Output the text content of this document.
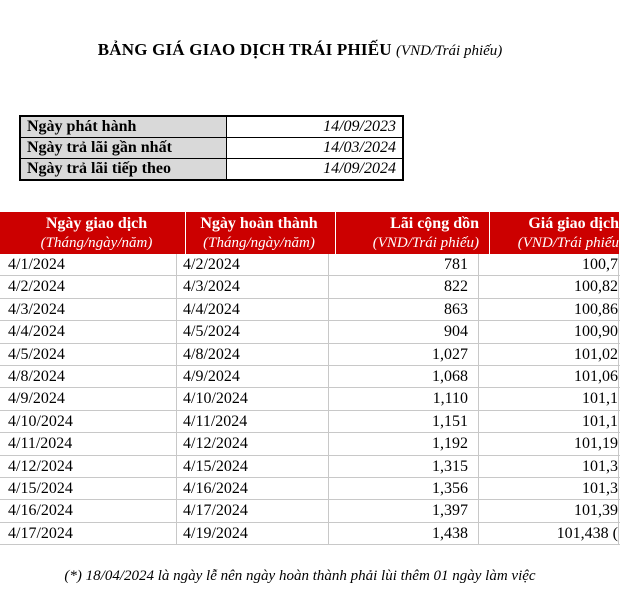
BẢNG GIÁ GIAO DỊCH TRÁI PHIẾU (VND/Trái phiếu)
Ngày phát hành	14/09/2023
Ngày trả lãi gần nhất	14/03/2024
Ngày trả lãi tiếp theo	14/09/2024
Ngày giao dịch
(Tháng/ngày/năm)
Ngày hoàn thành
(Tháng/ngày/năm)
Lãi cộng dồn
(VND/Trái phiếu)
Giá giao dịch
(VND/Trái phiếu
4/1/2024	4/2/2024	781	100,7
4/2/2024	4/3/2024	822	100,82
4/3/2024	4/4/2024	863	100,86
4/4/2024	4/5/2024	904	100,90
4/5/2024	4/8/2024	1,027	101,02
4/8/2024	4/9/2024	1,068	101,06
4/9/2024	4/10/2024	1,110	101,1
4/10/2024	4/11/2024	1,151	101,1
4/11/2024	4/12/2024	1,192	101,19
4/12/2024	4/15/2024	1,315	101,3
4/15/2024	4/16/2024	1,356	101,3
4/16/2024	4/17/2024	1,397	101,39
4/17/2024	4/19/2024	1,438	101,438 (
(*) 18/04/2024 là ngày lễ nên ngày hoàn thành phải lùi thêm 01 ngày làm việc
